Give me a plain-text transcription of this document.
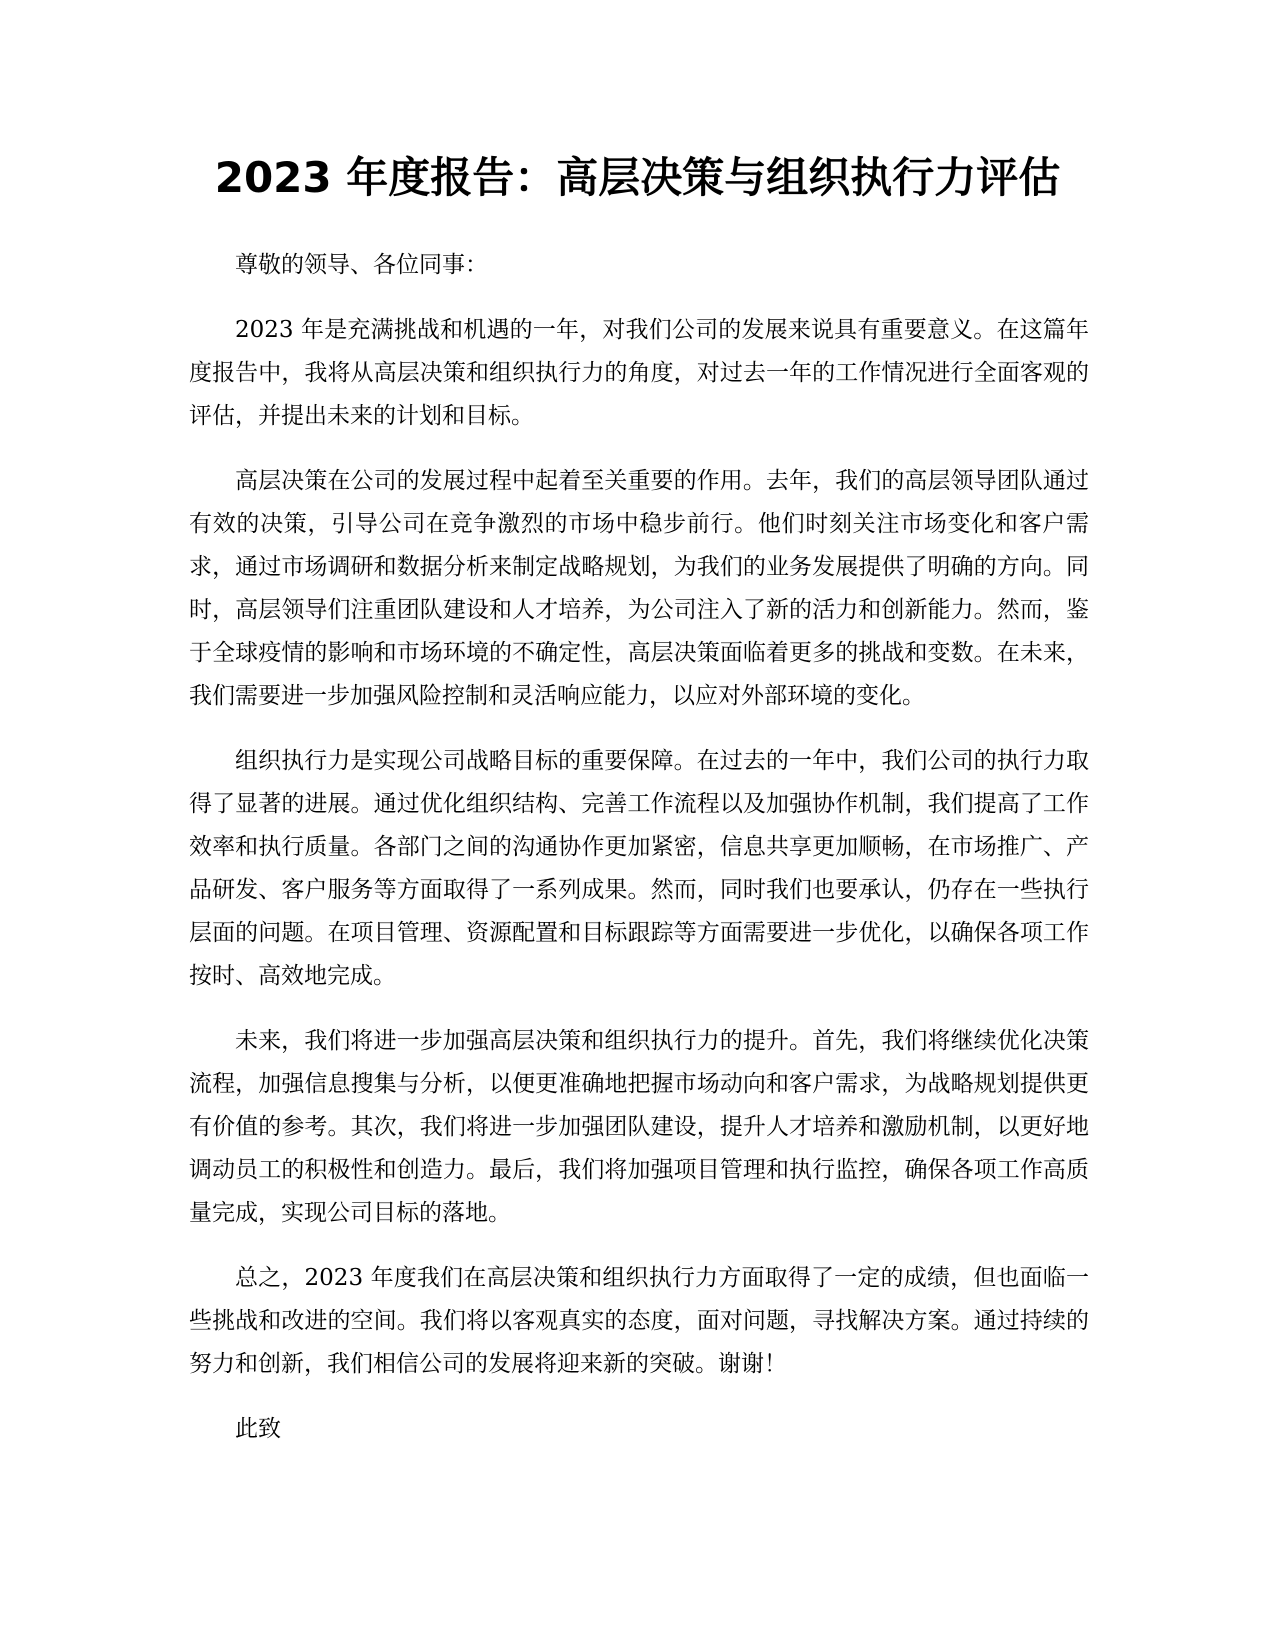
2023 年度报告：高层决策与组织执行力评估

尊敬的领导、各位同事：

2023 年是充满挑战和机遇的一年，对我们公司的发展来说具有重要意义。在这篇年度报告中，我将从高层决策和组织执行力的角度，对过去一年的工作情况进行全面客观的评估，并提出未来的计划和目标。

高层决策在公司的发展过程中起着至关重要的作用。去年，我们的高层领导团队通过有效的决策，引导公司在竞争激烈的市场中稳步前行。他们时刻关注市场变化和客户需求，通过市场调研和数据分析来制定战略规划，为我们的业务发展提供了明确的方向。同时，高层领导们注重团队建设和人才培养，为公司注入了新的活力和创新能力。然而，鉴于全球疫情的影响和市场环境的不确定性，高层决策面临着更多的挑战和变数。在未来，我们需要进一步加强风险控制和灵活响应能力，以应对外部环境的变化。

组织执行力是实现公司战略目标的重要保障。在过去的一年中，我们公司的执行力取得了显著的进展。通过优化组织结构、完善工作流程以及加强协作机制，我们提高了工作效率和执行质量。各部门之间的沟通协作更加紧密，信息共享更加顺畅，在市场推广、产品研发、客户服务等方面取得了一系列成果。然而，同时我们也要承认，仍存在一些执行层面的问题。在项目管理、资源配置和目标跟踪等方面需要进一步优化，以确保各项工作按时、高效地完成。

未来，我们将进一步加强高层决策和组织执行力的提升。首先，我们将继续优化决策流程，加强信息搜集与分析，以便更准确地把握市场动向和客户需求，为战略规划提供更有价值的参考。其次，我们将进一步加强团队建设，提升人才培养和激励机制，以更好地调动员工的积极性和创造力。最后，我们将加强项目管理和执行监控，确保各项工作高质量完成，实现公司目标的落地。

总之，2023 年度我们在高层决策和组织执行力方面取得了一定的成绩，但也面临一些挑战和改进的空间。我们将以客观真实的态度，面对问题，寻找解决方案。通过持续的努力和创新，我们相信公司的发展将迎来新的突破。谢谢！

此致
